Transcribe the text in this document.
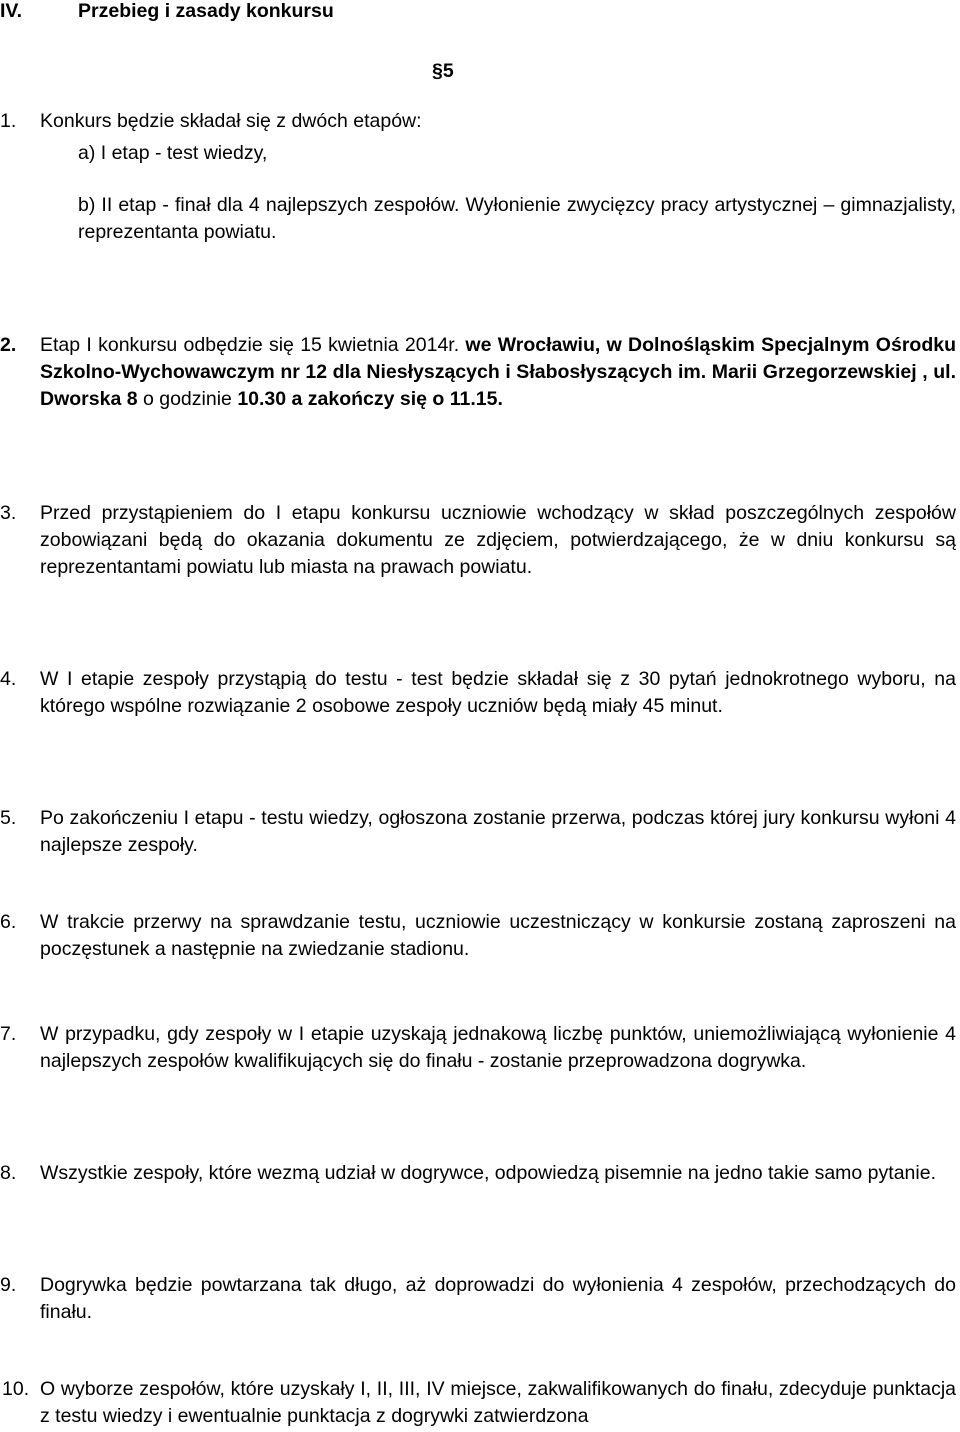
IV.	Przebieg i zasady konkursu
§5
1. Konkurs będzie składał się z dwóch etapów:
a) I etap - test wiedzy,
b) II etap - finał dla 4 najlepszych zespołów. Wyłonienie zwycięzcy pracy artystycznej – gimnazjalisty, reprezentanta powiatu.
2. Etap I konkursu odbędzie się 15 kwietnia 2014r. we Wrocławiu, w Dolnośląskim Specjalnym Ośrodku Szkolno-Wychowawczym nr 12 dla Niesłyszących i Słabosłyszących im. Marii Grzegorzewskiej , ul. Dworska 8 o godzinie 10.30 a zakończy się o 11.15.
3. Przed przystąpieniem do I etapu konkursu uczniowie wchodzący w skład poszczególnych zespołów zobowiązani będą do okazania dokumentu ze zdjęciem, potwierdzającego, że w dniu konkursu są reprezentantami powiatu lub miasta na prawach powiatu.
4. W I etapie zespoły przystąpią do testu - test będzie składał się z 30 pytań jednokrotnego wyboru, na którego wspólne rozwiązanie 2 osobowe zespoły uczniów będą miały 45 minut.
5. Po zakończeniu I etapu - testu wiedzy, ogłoszona zostanie przerwa, podczas której jury konkursu wyłoni 4 najlepsze zespoły.
6. W trakcie przerwy na sprawdzanie testu, uczniowie uczestniczący w konkursie zostaną zaproszeni na poczęstunek a następnie na zwiedzanie stadionu.
7. W przypadku, gdy zespoły w I etapie uzyskają jednakową liczbę punktów, uniemożliwiającą wyłonienie 4 najlepszych zespołów kwalifikujących się do finału - zostanie przeprowadzona dogrywka.
8. Wszystkie zespoły, które wezmą udział w dogrywce, odpowiedzą pisemnie na jedno takie samo pytanie.
9. Dogrywka będzie powtarzana tak długo, aż doprowadzi do wyłonienia 4 zespołów, przechodzących do finału.
10. O wyborze zespołów, które uzyskały I, II, III, IV miejsce, zakwalifikowanych do finału, zdecyduje punktacja z testu wiedzy i ewentualnie punktacja z dogrywki zatwierdzona
